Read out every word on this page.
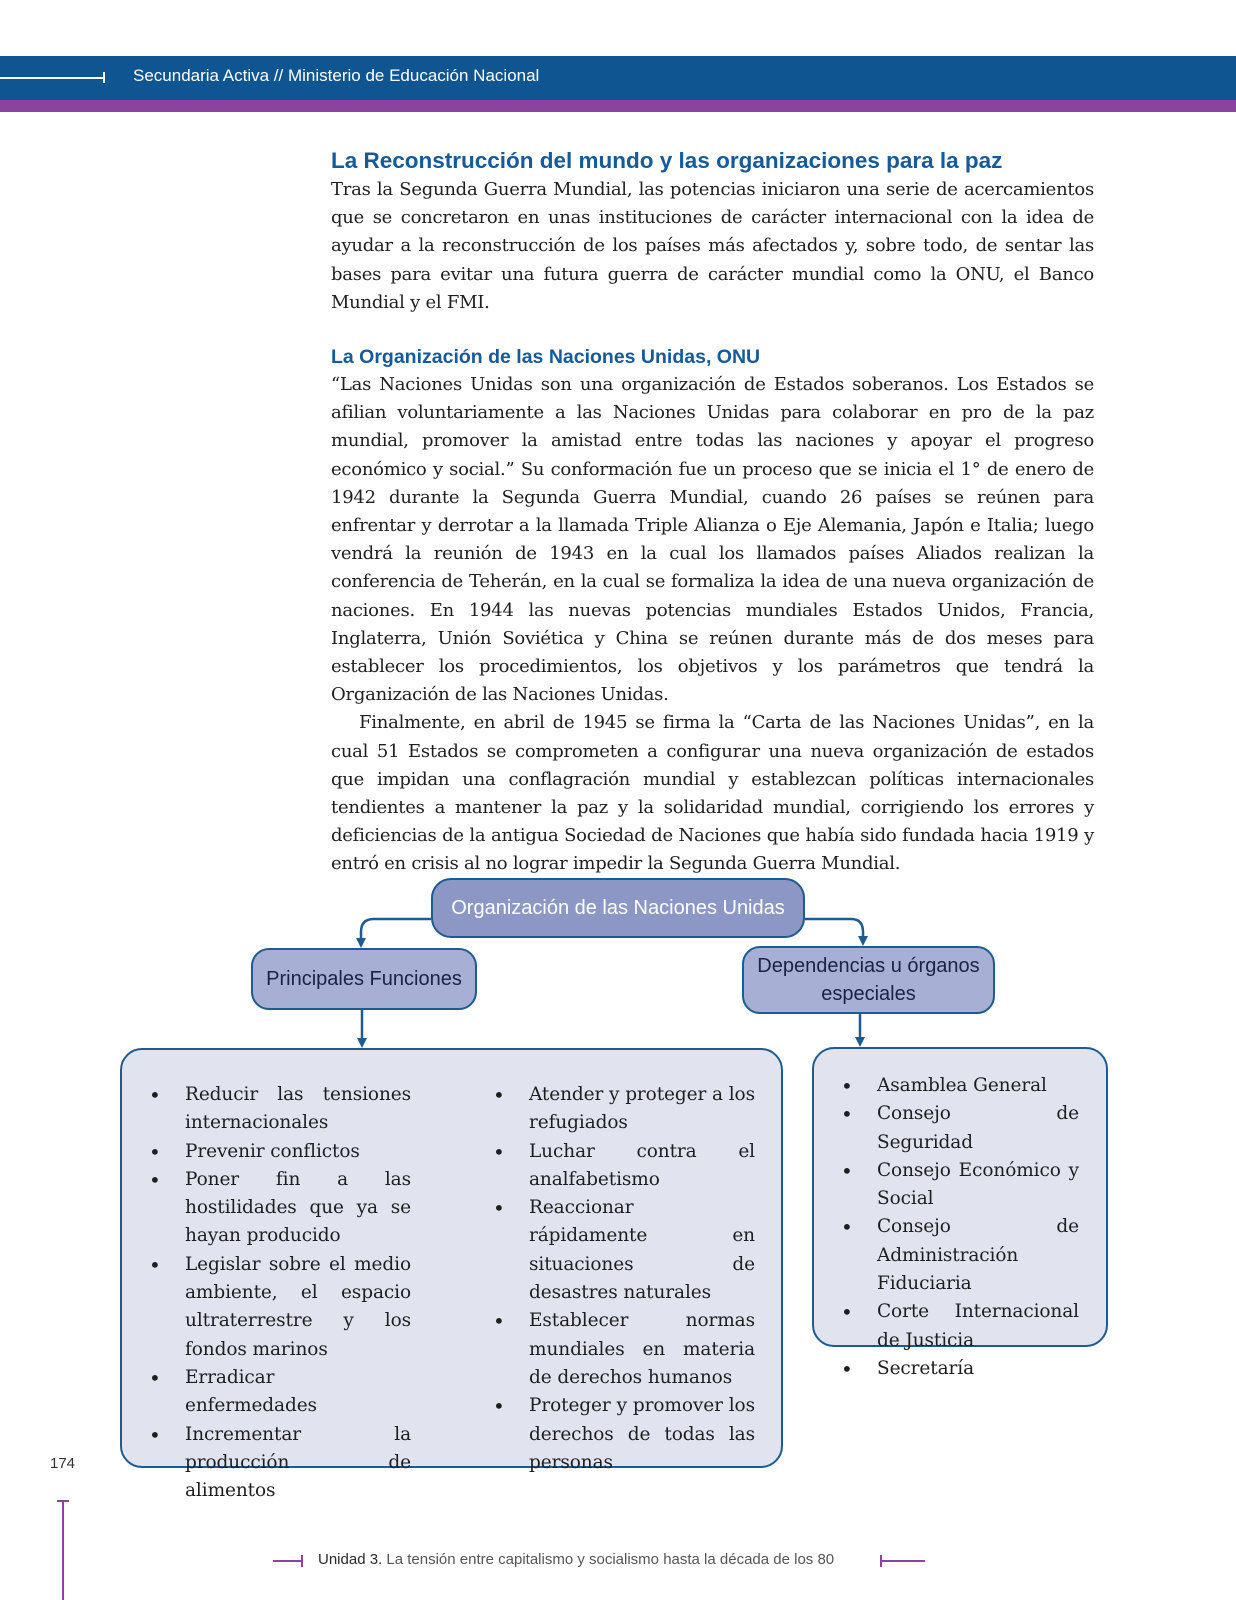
Secundaria Activa // Ministerio de Educación Nacional
La Reconstrucción del mundo y las organizaciones para la paz

Tras la Segunda Guerra Mundial, las potencias iniciaron una serie de acercamientos que se concretaron en unas instituciones de carácter internacional con la idea de ayudar a la reconstrucción de los países más afectados y, sobre todo, de sentar las bases para evitar una futura guerra de carácter mundial como la ONU, el Banco Mundial y el FMI.

La Organización de las Naciones Unidas, ONU

“Las Naciones Unidas son una organización de Estados soberanos. Los Estados se afilian voluntariamente a las Naciones Unidas para colaborar en pro de la paz mundial, promover la amistad entre todas las naciones y apoyar el progreso económico y social.” Su conformación fue un proceso que se inicia el 1° de enero de 1942 durante la Segunda Guerra Mundial, cuando 26 países se reúnen para enfrentar y derrotar a la llamada Triple Alianza o Eje Alemania, Japón e Italia; luego vendrá la reunión de 1943 en la cual los llamados países Aliados realizan la conferencia de Teherán, en la cual se formaliza la idea de una nueva organización de naciones. En 1944 las nuevas potencias mundiales Estados Unidos, Francia, Inglaterra, Unión Soviética y China se reúnen durante más de dos meses para establecer los procedimientos, los objetivos y los parámetros que tendrá la Organización de las Naciones Unidas.

Finalmente, en abril de 1945 se firma la “Carta de las Naciones Unidas”, en la cual 51 Estados se comprometen a configurar una nueva organización de estados que impidan una conflagración mundial y establezcan políticas internacionales tendientes a mantener la paz y la solidaridad mundial, corrigiendo los errores y deficiencias de la antigua Sociedad de Naciones que había sido fundada hacia 1919 y entró en crisis al no lograr impedir la Segunda Guerra Mundial.

Organización de las Naciones Unidas
Principales Funciones
Dependencias u órganos
especiales
• Reducir las tensiones internacionales
• Prevenir conflictos
• Poner fin a las hostilidades que ya se hayan producido
• Legislar sobre el medio ambiente, el espacio ultraterrestre y los fondos marinos
• Erradicar enfermedades
• Incrementar la producción de alimentos
• Atender y proteger a los refugiados
• Luchar contra el analfabetismo
• Reaccionar rápidamente en situaciones de desastres naturales
• Establecer normas mundiales en materia de derechos humanos
• Proteger y promover los derechos de todas las personas
• Asamblea General
• Consejo de Seguridad
• Consejo Económico y Social
• Consejo de Administración Fiduciaria
• Corte Internacional de Justicia
• Secretaría
174
Unidad 3. La tensión entre capitalismo y socialismo hasta la década de los 80
